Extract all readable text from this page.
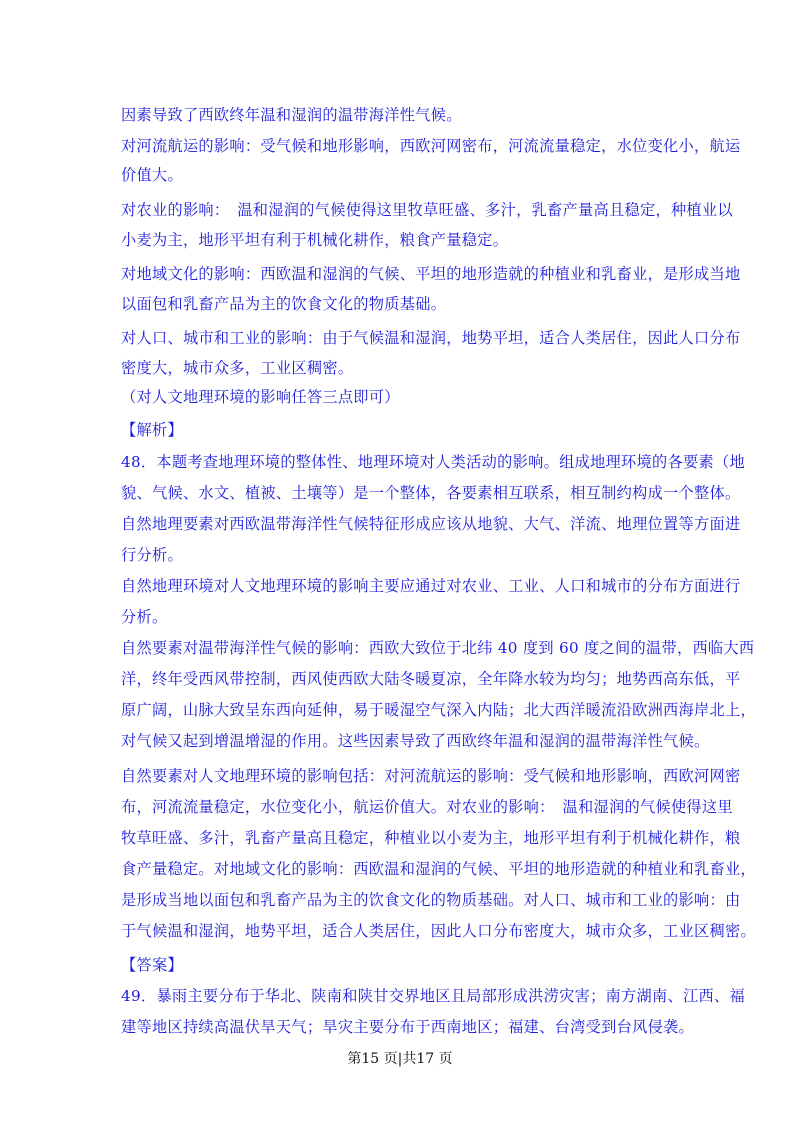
因素导致了西欧终年温和湿润的温带海洋性气候。
对河流航运的影响：受气候和地形影响，西欧河网密布，河流流量稳定，水位变化小，航运
价值大。
对农业的影响：　温和湿润的气候使得这里牧草旺盛、多汁，乳畜产量高且稳定，种植业以
小麦为主，地形平坦有利于机械化耕作，粮食产量稳定。
对地域文化的影响：西欧温和湿润的气候、平坦的地形造就的种植业和乳畜业，是形成当地
以面包和乳畜产品为主的饮食文化的物质基础。
对人口、城市和工业的影响：由于气候温和湿润，地势平坦，适合人类居住，因此人口分布
密度大，城市众多，工业区稠密。
（对人文地理环境的影响任答三点即可）
【解析】
48．本题考查地理环境的整体性、地理环境对人类活动的影响。组成地理环境的各要素（地
貌、气候、水文、植被、土壤等）是一个整体，各要素相互联系，相互制约构成一个整体。
自然地理要素对西欧温带海洋性气候特征形成应该从地貌、大气、洋流、地理位置等方面进
行分析。
自然地理环境对人文地理环境的影响主要应通过对农业、工业、人口和城市的分布方面进行
分析。
自然要素对温带海洋性气候的影响：西欧大致位于北纬 40 度到 60 度之间的温带，西临大西
洋，终年受西风带控制，西风使西欧大陆冬暖夏凉，全年降水较为均匀；地势西高东低，平
原广阔，山脉大致呈东西向延伸，易于暖湿空气深入内陆；北大西洋暖流沿欧洲西海岸北上，
对气候又起到增温增湿的作用。这些因素导致了西欧终年温和湿润的温带海洋性气候。
自然要素对人文地理环境的影响包括：对河流航运的影响：受气候和地形影响，西欧河网密
布，河流流量稳定，水位变化小，航运价值大。对农业的影响：　温和湿润的气候使得这里
牧草旺盛、多汁，乳畜产量高且稳定，种植业以小麦为主，地形平坦有利于机械化耕作，粮
食产量稳定。对地域文化的影响：西欧温和湿润的气候、平坦的地形造就的种植业和乳畜业，
是形成当地以面包和乳畜产品为主的饮食文化的物质基础。对人口、城市和工业的影响：由
于气候温和湿润，地势平坦，适合人类居住，因此人口分布密度大，城市众多，工业区稠密。
【答案】
49．暴雨主要分布于华北、陕南和陕甘交界地区且局部形成洪涝灾害；南方湖南、江西、福
建等地区持续高温伏旱天气；旱灾主要分布于西南地区；福建、台湾受到台风侵袭。
第15 页|共17 页
